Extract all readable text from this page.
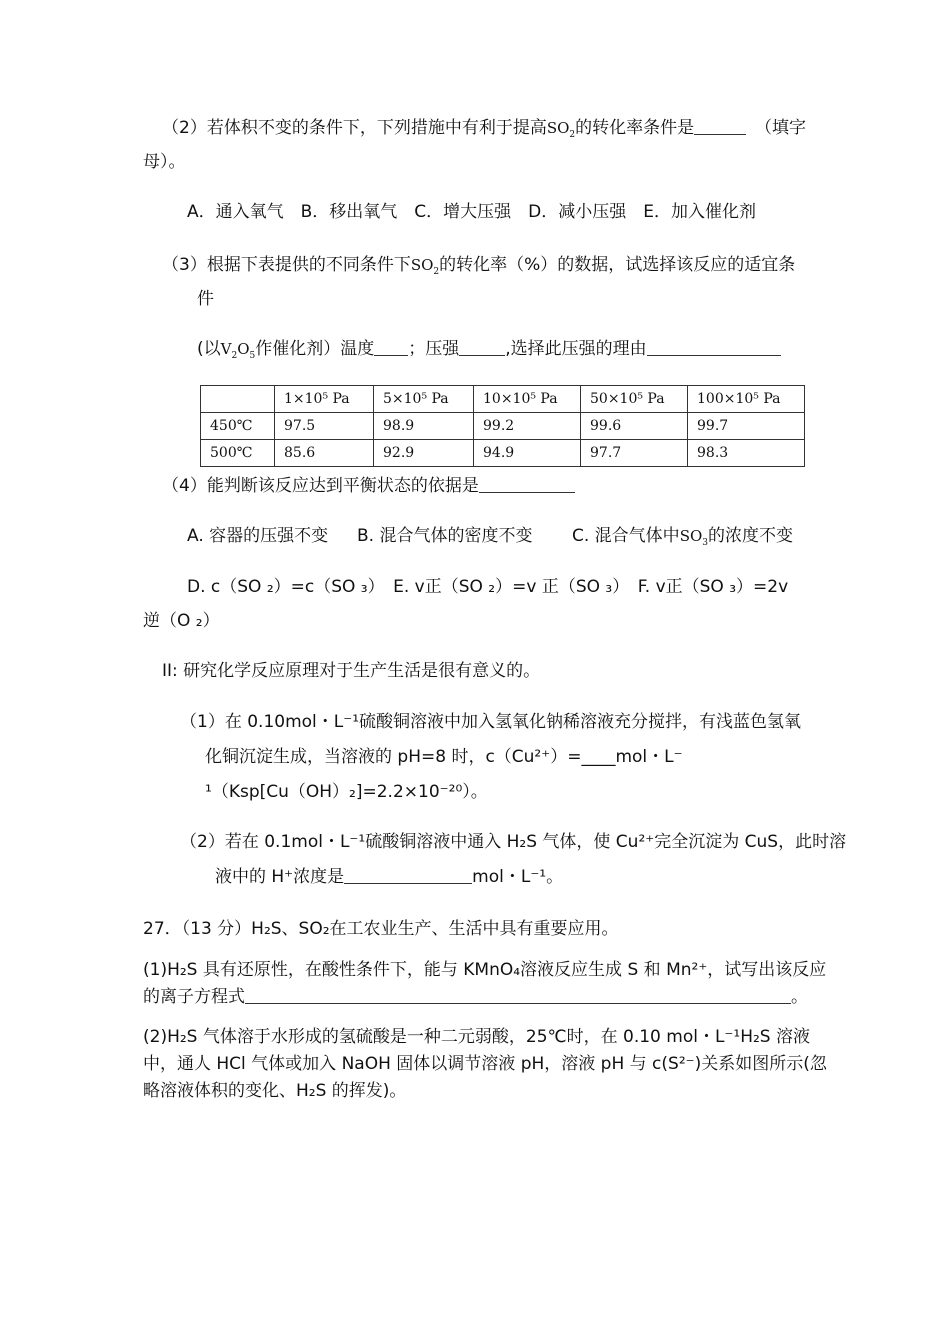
（2）若体积不变的条件下，下列措施中有利于提高$SO_2$的转化率条件是	（填字
母）。
A．通入氧气　B．移出氧气　C．增大压强　D．减小压强　E．加入催化剂
（3）根据下表提供的不同条件下$SO_2$的转化率（%）的数据，试选择该反应的适宜条
件
(以$V_2O_5$作催化剂）温度 ；压强	,选择此压强的理由
	1×10⁵ Pa	5×10⁵ Pa	10×10⁵ Pa	50×10⁵ Pa	100×10⁵ Pa
450℃	97.5	98.9	99.2	99.6	99.7
500℃	85.6	92.9	94.9	97.7	98.3
（4）能判断该反应达到平衡状态的依据是
A. 容器的压强不变 B. 混合气体的密度不变 C. 混合气体中$SO_3$的浓度不变
D. c（SO ₂）=c（SO ₃）　E. v正（SO ₂）=v 正（SO ₃）　F. v正（SO ₃）=2v
逆（O ₂）
II: 研究化学反应原理对于生产生活是很有意义的。
（1）在 0.10mol・L⁻¹硫酸铜溶液中加入氢氧化钠稀溶液充分搅拌，有浅蓝色氢氧
化铜沉淀生成，当溶液的 pH=8 时，c（Cu²⁺）=____mol・L⁻
¹（Ksp[Cu（OH）₂]=2.2×10⁻²⁰）。
（2）若在 0.1mol・L⁻¹硫酸铜溶液中通入 H₂S 气体，使 Cu²⁺完全沉淀为 CuS，此时溶
液中的 H⁺浓度是	mol・L⁻¹。
27．（13 分）H₂S、SO₂在工农业生产、生活中具有重要应用。
(1)H₂S 具有还原性，在酸性条件下，能与 KMnO₄溶液反应生成 S 和 Mn²⁺，试写出该反应
的离子方程式	。
(2)H₂S 气体溶于水形成的氢硫酸是一种二元弱酸，25℃时，在 0.10 mol・L⁻¹H₂S 溶液
中，通人 HCl 气体或加入 NaOH 固体以调节溶液 pH，溶液 pH 与 c(S²⁻)关系如图所示(忽
略溶液体积的变化、H₂S 的挥发)。
